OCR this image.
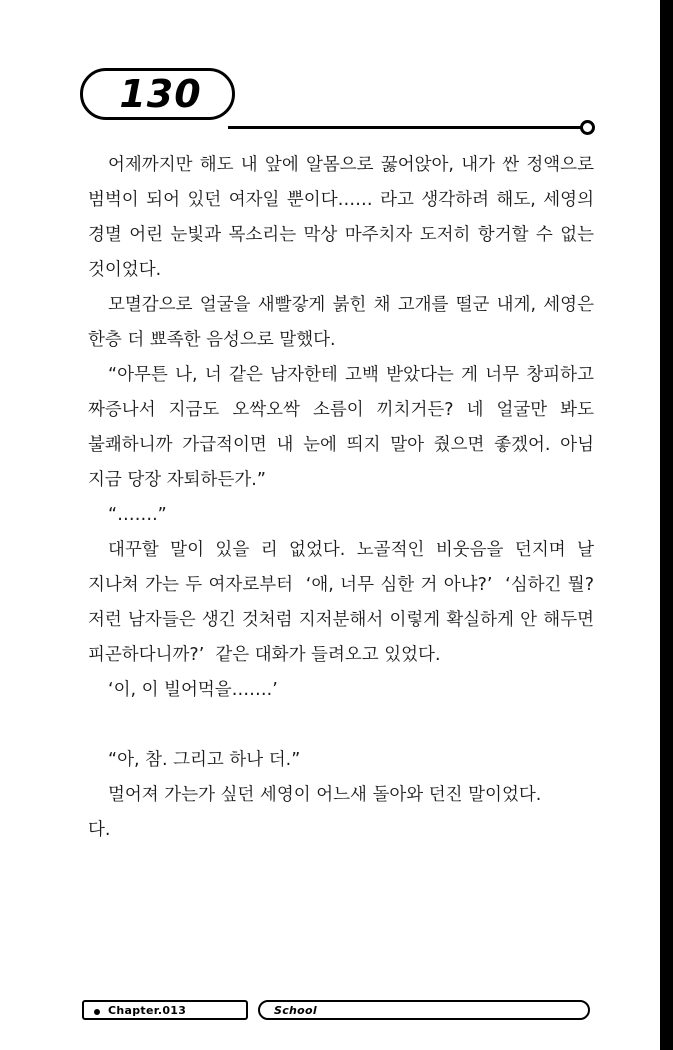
130

어제까지만 해도 내 앞에 알몸으로 꿇어앉아, 내가 싼 정액으로 범벅이 되어 있던 여자일 뿐이다…… 라고 생각하려 해도, 세영의 경멸 어린 눈빛과 목소리는 막상 마주치자 도저히 항거할 수 없는 것이었다.

모멸감으로 얼굴을 새빨갛게 붉힌 채 고개를 떨군 내게, 세영은 한층 더 뾰족한 음성으로 말했다.

“아무튼 나, 너 같은 남자한테 고백 받았다는 게 너무 창피하고 짜증나서 지금도 오싹오싹 소름이 끼치거든? 네 얼굴만 봐도 불쾌하니까 가급적이면 내 눈에 띄지 말아 줬으면 좋겠어. 아님 지금 당장 자퇴하든가.”

“…….”

대꾸할 말이 있을 리 없었다. 노골적인 비웃음을 던지며 날 지나쳐 가는 두 여자로부터  ‘애, 너무 심한 거 아냐?’  ‘심하긴 뭘? 저런 남자들은 생긴 것처럼 지저분해서 이렇게 확실하게 안 해두면 피곤하다니까?’  같은 대화가 들려오고 있었다.

‘이, 이 빌어먹을…….’

“아, 참. 그리고 하나 더.”

멀어져 가는가 싶던 세영이 어느새 돌아와 던진 말이었다.

다.

Chapter.013	School
